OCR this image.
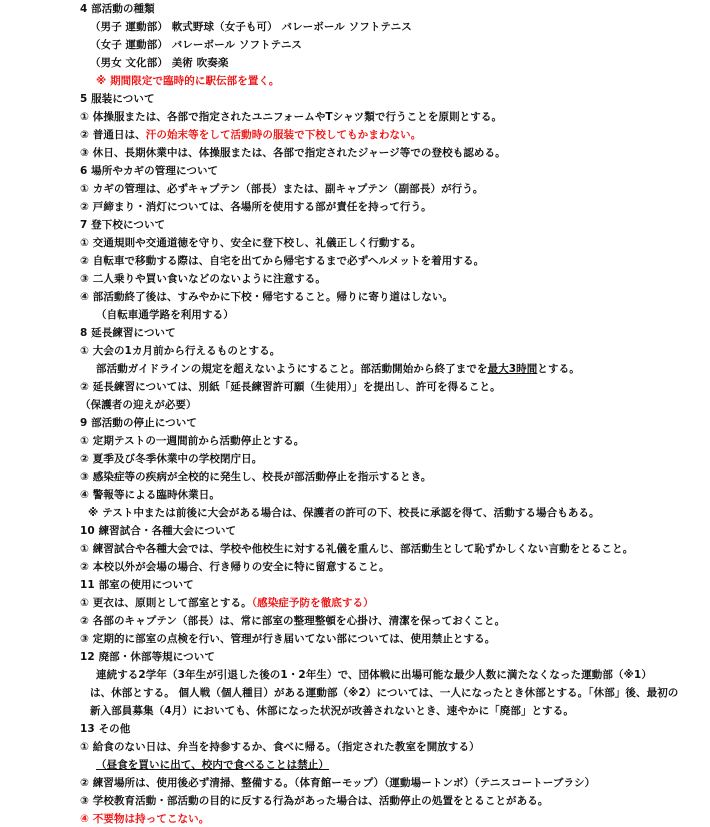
4 部活動の種類
（男子 運動部） 軟式野球（女子も可） バレーボール ソフトテニス
（女子 運動部） バレーボール ソフトテニス
（男女 文化部） 美術 吹奏楽
※ 期間限定で臨時的に駅伝部を置く。
5 服装について
① 体操服または、各部で指定されたユニフォームやTシャツ類で行うことを原則とする。
② 普通日は、汗の始末等をして活動時の服装で下校してもかまわない。
③ 休日、長期休業中は、体操服または、各部で指定されたジャージ等での登校も認める。
6 場所やカギの管理について
① カギの管理は、必ずキャプテン（部長）または、副キャプテン（副部長）が行う。
② 戸締まり・消灯については、各場所を使用する部が責任を持って行う。
7 登下校について
① 交通規則や交通道徳を守り、安全に登下校し、礼儀正しく行動する。
② 自転車で移動する際は、自宅を出てから帰宅するまで必ずヘルメットを着用する。
③ 二人乗りや買い食いなどのないように注意する。
④ 部活動終了後は、すみやかに下校・帰宅すること。帰りに寄り道はしない。
（自転車通学路を利用する）
8 延長練習について
① 大会の1カ月前から行えるものとする。
部活動ガイドラインの規定を超えないようにすること。部活動開始から終了までを最大3時間とする。
② 延長練習については、別紙「延長練習許可願（生徒用）」を提出し、許可を得ること。
（保護者の迎えが必要）
9 部活動の停止について
① 定期テストの一週間前から活動停止とする。
② 夏季及び冬季休業中の学校閉庁日。
③ 感染症等の疾病が全校的に発生し、校長が部活動停止を指示するとき。
④ 警報等による臨時休業日。
※ テスト中または前後に大会がある場合は、保護者の許可の下、校長に承認を得て、活動する場合もある。
10 練習試合・各種大会について
① 練習試合や各種大会では、学校や他校生に対する礼儀を重んじ、部活動生として恥ずかしくない言動をとること。
② 本校以外が会場の場合、行き帰りの安全に特に留意すること。
11 部室の使用について
① 更衣は、原則として部室とする。（感染症予防を徹底する）
② 各部のキャプテン（部長）は、常に部室の整理整頓を心掛け、清潔を保っておくこと。
③ 定期的に部室の点検を行い、管理が行き届いてない部については、使用禁止とする。
12 廃部・休部等規について
連続する2学年（3年生が引退した後の1・2年生）で、団体戦に出場可能な最少人数に満たなくなった運動部（※1）
は、休部とする。 個人戦（個人種目）がある運動部（※2）については、一人になったとき休部とする。「休部」後、最初の
新入部員募集（4月）においても、休部になった状況が改善されないとき、速やかに「廃部」とする。
13 その他
① 給食のない日は、弁当を持参するか、食べに帰る。（指定された教室を開放する）
（昼食を買いに出て、校内で食べることは禁止）
② 練習場所は、使用後必ず清掃、整備する。（体育館ーモップ）（運動場ートンボ）（テニスコートーブラシ）
③ 学校教育活動・部活動の目的に反する行為があった場合は、活動停止の処置をとることがある。
④ 不要物は持ってこない。
